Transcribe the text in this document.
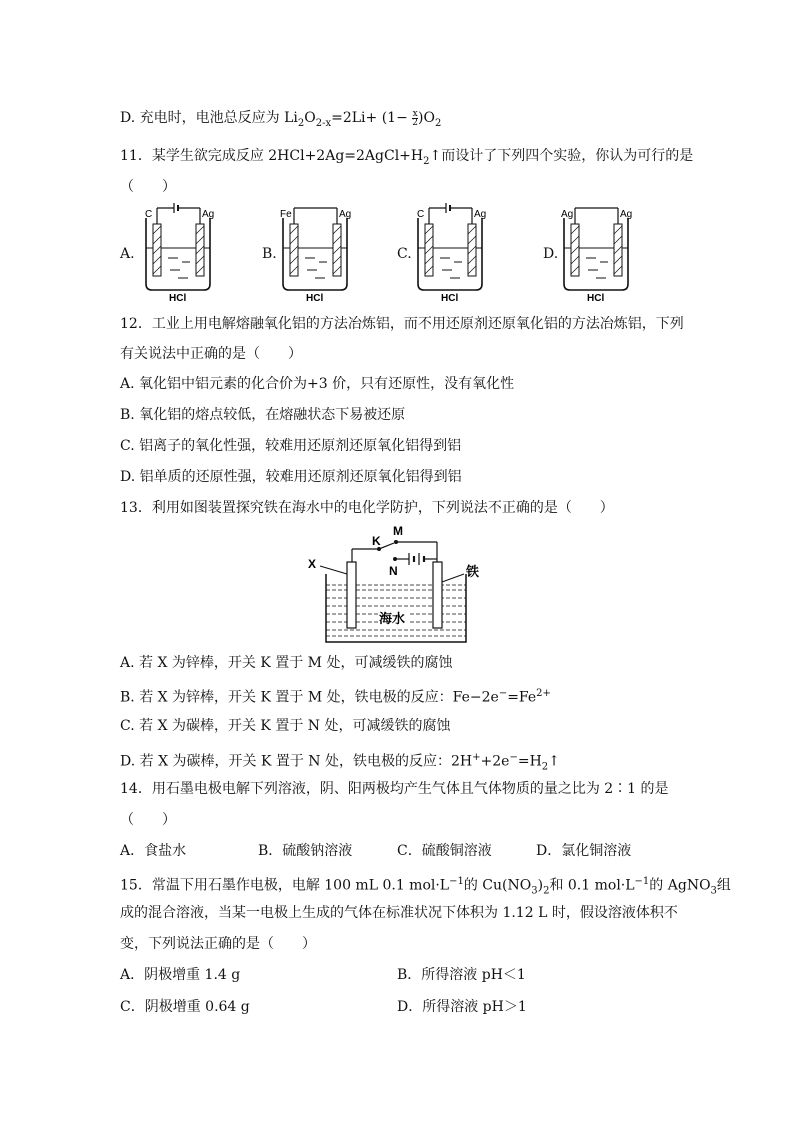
D. 充电时，电池总反应为 $Li_2O_{2-x}=2Li+ (1- \frac{x}{2} )O_2$
11．某学生欲完成反应 $2HCl+2Ag=2AgCl+H_2↑$而设计了下列四个实验，你认为可行的是
（　　）
A.	B.	C.	D.
C	Ag
HCl
Fe	Ag
HCl
C	Ag
HCl
Ag	Ag
HCl
12．工业上用电解熔融氧化铝的方法冶炼铝，而不用还原剂还原氧化铝的方法冶炼铝，下列
有关说法中正确的是（　　）
A. 氧化铝中铝元素的化合价为+3 价，只有还原性，没有氧化性
B. 氧化铝的熔点较低，在熔融状态下易被还原
C. 铝离子的氧化性强，较难用还原剂还原氧化铝得到铝
D. 铝单质的还原性强，较难用还原剂还原氧化铝得到铝
13．利用如图装置探究铁在海水中的电化学防护，下列说法不正确的是（　　）
X
K
M
N	铁
海水
A. 若 X 为锌棒，开关 K 置于 M 处，可减缓铁的腐蚀
B. 若 X 为锌棒，开关 K 置于 M 处，铁电极的反应：$Fe-2e^-=Fe^{2+}$
C. 若 X 为碳棒，开关 K 置于 N 处，可减缓铁的腐蚀
D. 若 X 为碳棒，开关 K 置于 N 处，铁电极的反应：$2H^++2e^-=H_2↑$
14．用石墨电极电解下列溶液，阴、阳两极均产生气体且气体物质的量之比为 2∶1 的是
（　　）
A．食盐水	B．硫酸钠溶液	C．硫酸铜溶液	D．氯化铜溶液
15．常温下用石墨作电极，电解 100 mL 0.1 $mol\cdot L^{-1}$的 $Cu(NO_3)_2$和 0.1 $mol\cdot L^{-1}$的 AgNO$_3$组
成的混合溶液，当某一电极上生成的气体在标准状况下体积为 1.12 L 时，假设溶液体积不
变，下列说法正确的是（　　）
A．阴极增重 1.4 g	B．所得溶液 pH＜1
C．阴极增重 0.64 g	D．所得溶液 pH＞1
